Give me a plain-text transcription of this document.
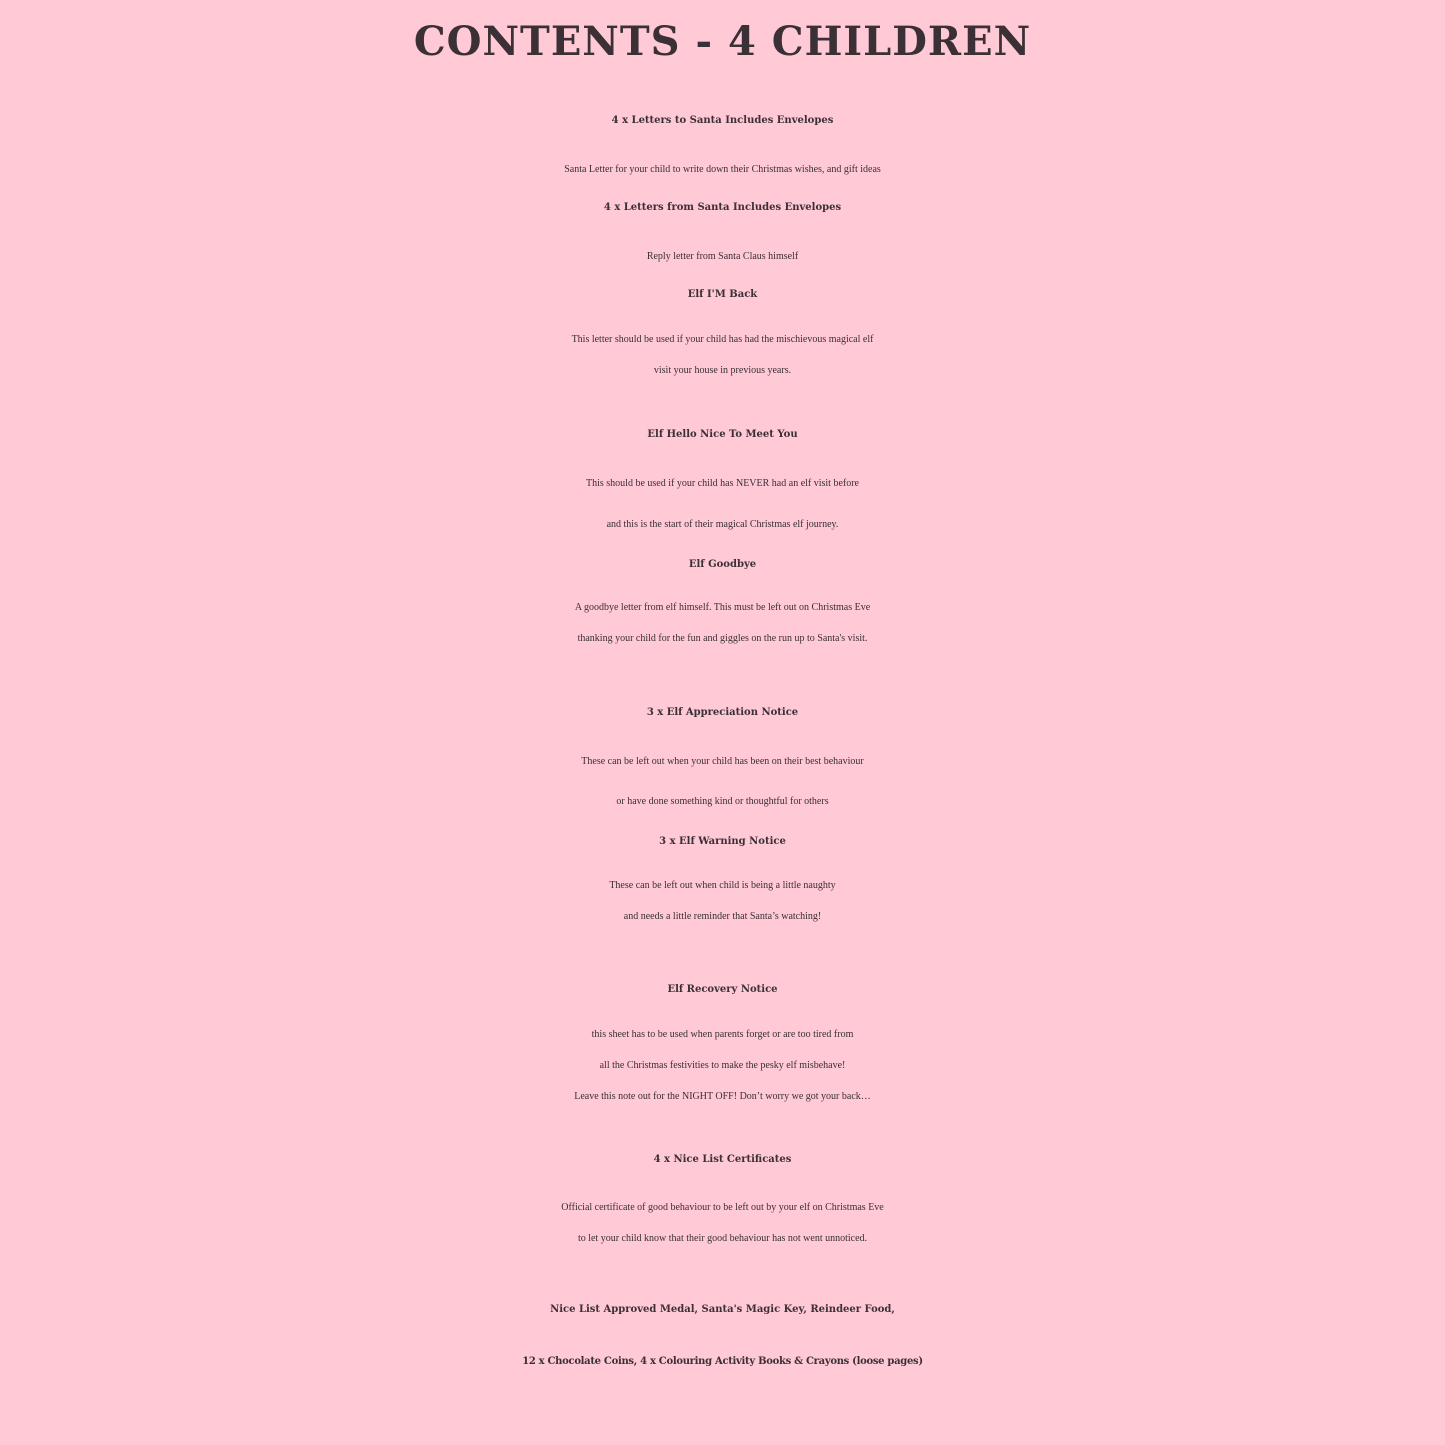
CONTENTS - 4 CHILDREN
4 x Letters to Santa Includes Envelopes
Santa Letter for your child to write down their Christmas wishes, and gift ideas
4 x Letters from Santa Includes Envelopes
Reply letter from Santa Claus himself
Elf I'M Back
This letter should be used if your child has had the mischievous magical elf
visit your house in previous years.
Elf Hello Nice To Meet You
This should be used if your child has NEVER had an elf visit before
and this is the start of their magical Christmas elf journey.
Elf Goodbye
A goodbye letter from elf himself. This must be left out on Christmas Eve
thanking your child for the fun and giggles on the run up to Santa's visit.
3 x Elf Appreciation Notice
These can be left out when your child has been on their best behaviour
or have done something kind or thoughtful for others
3 x Elf Warning Notice
These can be left out when child is being a little naughty
and needs a little reminder that Santa’s watching!
Elf Recovery Notice
this sheet has to be used when parents forget or are too tired from
all the Christmas festivities to make the pesky elf misbehave!
Leave this note out for the NIGHT OFF! Don’t worry we got your back…
4 x Nice List Certificates
Official certificate of good behaviour to be left out by your elf on Christmas Eve
to let your child know that their good behaviour has not went unnoticed.
Nice List Approved Medal, Santa's Magic Key, Reindeer Food,
12 x Chocolate Coins, 4 x Colouring Activity Books & Crayons (loose pages)
